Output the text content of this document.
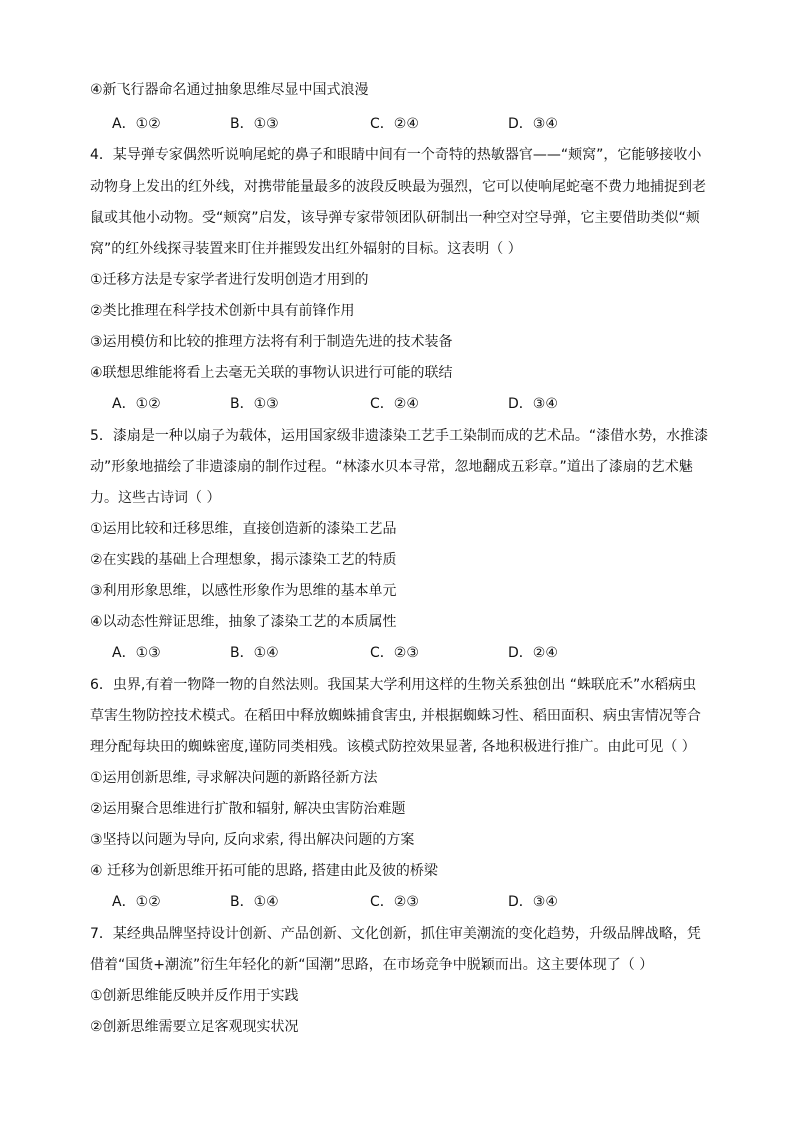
④新飞行器命名通过抽象思维尽显中国式浪漫
A．①②	B．①③	C．②④	D．③④
4．某导弹专家偶然听说响尾蛇的鼻子和眼睛中间有一个奇特的热敏器官——“颊窝”，它能够接收小
动物身上发出的红外线，对携带能量最多的波段反映最为强烈，它可以使响尾蛇毫不费力地捕捉到老
鼠或其他小动物。受“颊窝”启发，该导弹专家带领团队研制出一种空对空导弹，它主要借助类似“颊
窝”的红外线探寻装置来盯住并摧毁发出红外辐射的目标。这表明（ ）
①迁移方法是专家学者进行发明创造才用到的
②类比推理在科学技术创新中具有前锋作用
③运用模仿和比较的推理方法将有利于制造先进的技术装备
④联想思维能将看上去毫无关联的事物认识进行可能的联结
A．①②	B．①③	C．②④	D．③④
5．漆扇是一种以扇子为载体，运用国家级非遗漆染工艺手工染制而成的艺术品。“漆借水势，水推漆
动”形象地描绘了非遗漆扇的制作过程。“林漆水贝本寻常，忽地翻成五彩章。”道出了漆扇的艺术魅
力。这些古诗词（ ）
①运用比较和迁移思维，直接创造新的漆染工艺品
②在实践的基础上合理想象，揭示漆染工艺的特质
③利用形象思维，以感性形象作为思维的基本单元
④以动态性辩证思维，抽象了漆染工艺的本质属性
A．①③	B．①④	C．②③	D．②④
6．虫界,有着一物降一物的自然法则。我国某大学利用这样的生物关系独创出 “蛛联庇禾”水稻病虫
草害生物防控技术模式。在稻田中释放蜘蛛捕食害虫, 并根据蜘蛛习性、稻田面积、病虫害情况等合
理分配每块田的蜘蛛密度,谨防同类相残。该模式防控效果显著, 各地积极进行推广。由此可见（ ）
①运用创新思维, 寻求解决问题的新路径新方法
②运用聚合思维进行扩散和辐射, 解决虫害防治难题
③坚持以问题为导向, 反向求索, 得出解决问题的方案
④ 迁移为创新思维开拓可能的思路, 搭建由此及彼的桥梁
A．①②	B．①④	C．②③	D．③④
7．某经典品牌坚持设计创新、产品创新、文化创新，抓住审美潮流的变化趋势，升级品牌战略，凭
借着“国货+潮流”衍生年轻化的新“国潮”思路，在市场竞争中脱颖而出。这主要体现了（ ）
①创新思维能反映并反作用于实践
②创新思维需要立足客观现实状况
